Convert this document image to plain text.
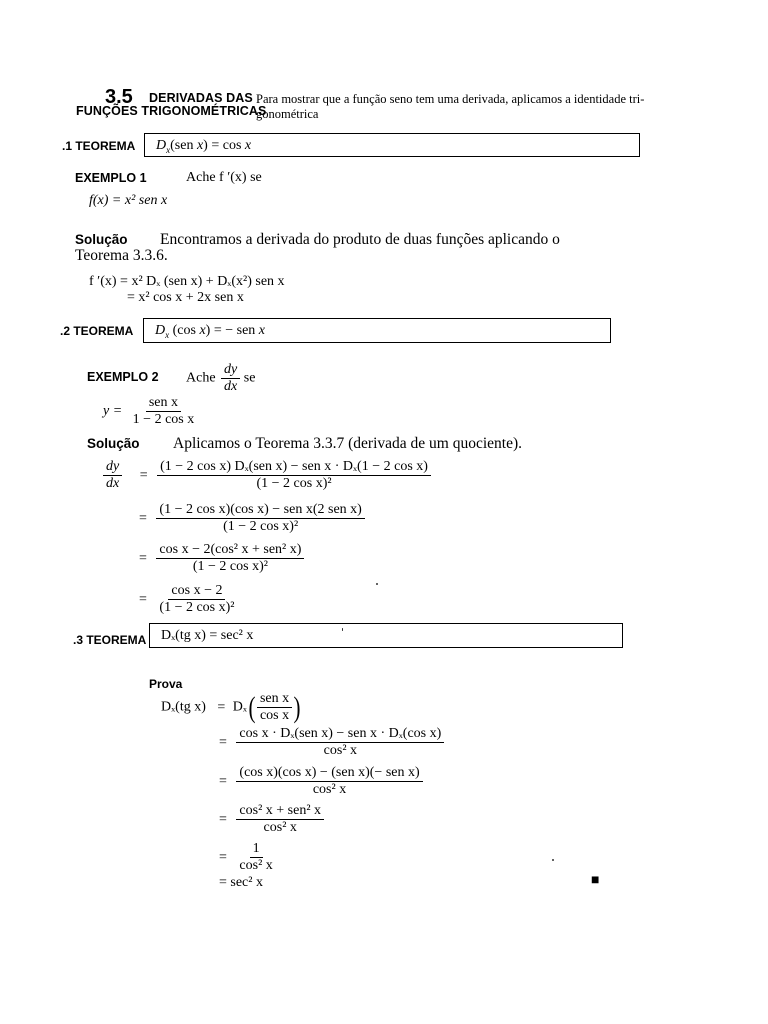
3.5 DERIVADAS DAS
FUNÇÕES TRIGONOMÉTRICAS
Para mostrar que a função seno tem uma derivada, aplicamos a identidade tri-
gonométrica
.1 TEOREMA	$D_x(sen$ x) = cos x
EXEMPLO 1	Ache f ′(x) se
f(x) = x² sen x
Solução Encontramos a derivada do produto de duas funções aplicando o
Teorema 3.3.6.
f ′(x) = x² Dₓ (sen x) + Dₓ(x²) sen x
= x² cos x + 2x sen x
.2 TEOREMA	$D_x$ (cos x) = − sen x
EXEMPLO 2 Ache $\frac{dy}{dx}$ se
$y = \frac{\text{sen x}}{\text{1 − 2 cos x}}$
Solução Aplicamos o Teorema 3.3.7 (derivada de um quociente).
$\frac{dy}{dx} = \frac{\text{(1 − 2 cos x) Dₓ(sen x) − sen x · Dₓ(1 − 2 cos x)}}{\text{(1 − 2 cos x)²}}$
= $\frac{\text{(1 − 2 cos x)(cos x) − sen x(2 sen x)}}{\text{(1 − 2 cos x)²}}$
= $\frac{\text{cos x − 2(cos² x + sen² x)}}{\text{(1 − 2 cos x)²}}$
= $\frac{\text{cos x − 2}}{\text{(1 − 2 cos x)²}}$
.3 TEOREMA	Dₓ(tg x) = sec² x
Prova
Dₓ(tg $x) = D_x( \frac{\text{sen x}}{\text{cos x}}$ )
= $\frac{\text{cos x · Dₓ(sen x) − sen x · Dₓ(cos x)}}{\text{cos² x}}$
= $\frac{\text{(cos x)(cos x) − (sen x)(− sen x)}}{\text{cos² x}}$
= $\frac{\text{cos² x + sen² x}}{\text{cos² x}}$
= $\frac{1}{\text{cos² x}}$
= sec² x	■
